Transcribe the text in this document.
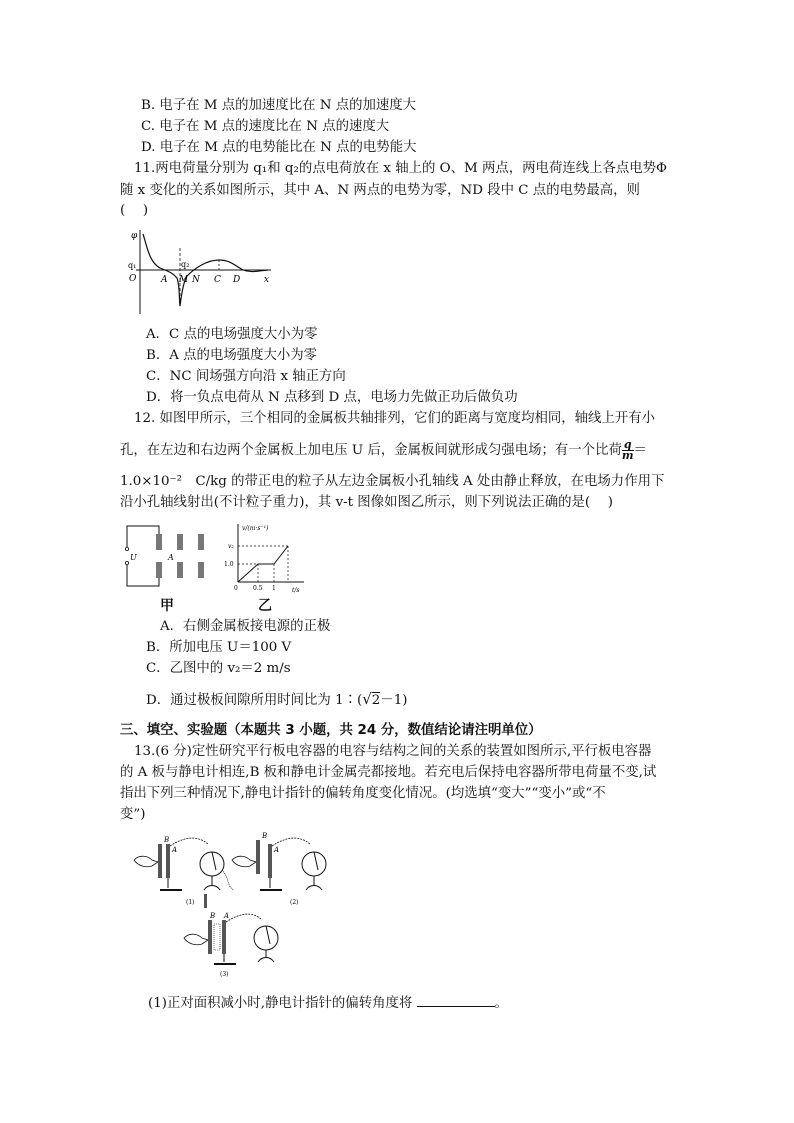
B. 电子在 M 点的加速度比在 N 点的加速度大
C. 电子在 M 点的速度比在 N 点的速度大
D. 电子在 M 点的电势能比在 N 点的电势能大
11.两电荷量分别为 q₁和 q₂的点电荷放在 x 轴上的 O、M 两点，两电荷连线上各点电势Φ
随 x 变化的关系如图所示，其中 A、N 两点的电势为零，ND 段中 C 点的电势最高，则
(　 )
φ
q₁
O
q₂
A M N C D	x
A．C 点的电场强度大小为零
B．A 点的电场强度大小为零
C．NC 间场强方向沿 x 轴正方向
D．将一负点电荷从 N 点移到 D 点，电场力先做正功后做负功
12. 如图甲所示，三个相同的金属板共轴排列，它们的距离与宽度均相同，轴线上开有小
孔，在左边和右边两个金属板上加电压 U 后，金属板间就形成匀强电场；有一个比荷 $\frac{q}{m}$ ＝
1.0×10⁻²　C/kg 的带正电的粒子从左边金属板小孔轴线 A 处由静止释放，在电场力作用下
沿小孔轴线射出(不计粒子重力)，其 v-t 图像如图乙所示，则下列说法正确的是(　 )
U	A
甲
v/(m·s⁻¹)
v₂
1.0
0	0.5 1	t/s
乙
A．右侧金属板接电源的正极
B．所加电压 U＝100 V
C．乙图中的 v₂＝2 m/s
D．通过极板间隙所用时间比为 1∶(√2－1)
三、填空、实验题（本题共 3 小题，共 24 分，数值结论请注明单位）
13.(6 分)定性研究平行板电容器的电容与结构之间的关系的装置如图所示,平行板电容器
的 A 板与静电计相连,B 板和静电计金属壳都接地。若充电后保持电容器所带电荷量不变,试
指出下列三种情况下,静电计指针的偏转角度变化情况。(均选填“变大”“变小”或“不
变”)
B
A
(1)
B
A
(2)
B A
(3)
(1)正对面积减小时,静电计指针的偏转角度将	。
